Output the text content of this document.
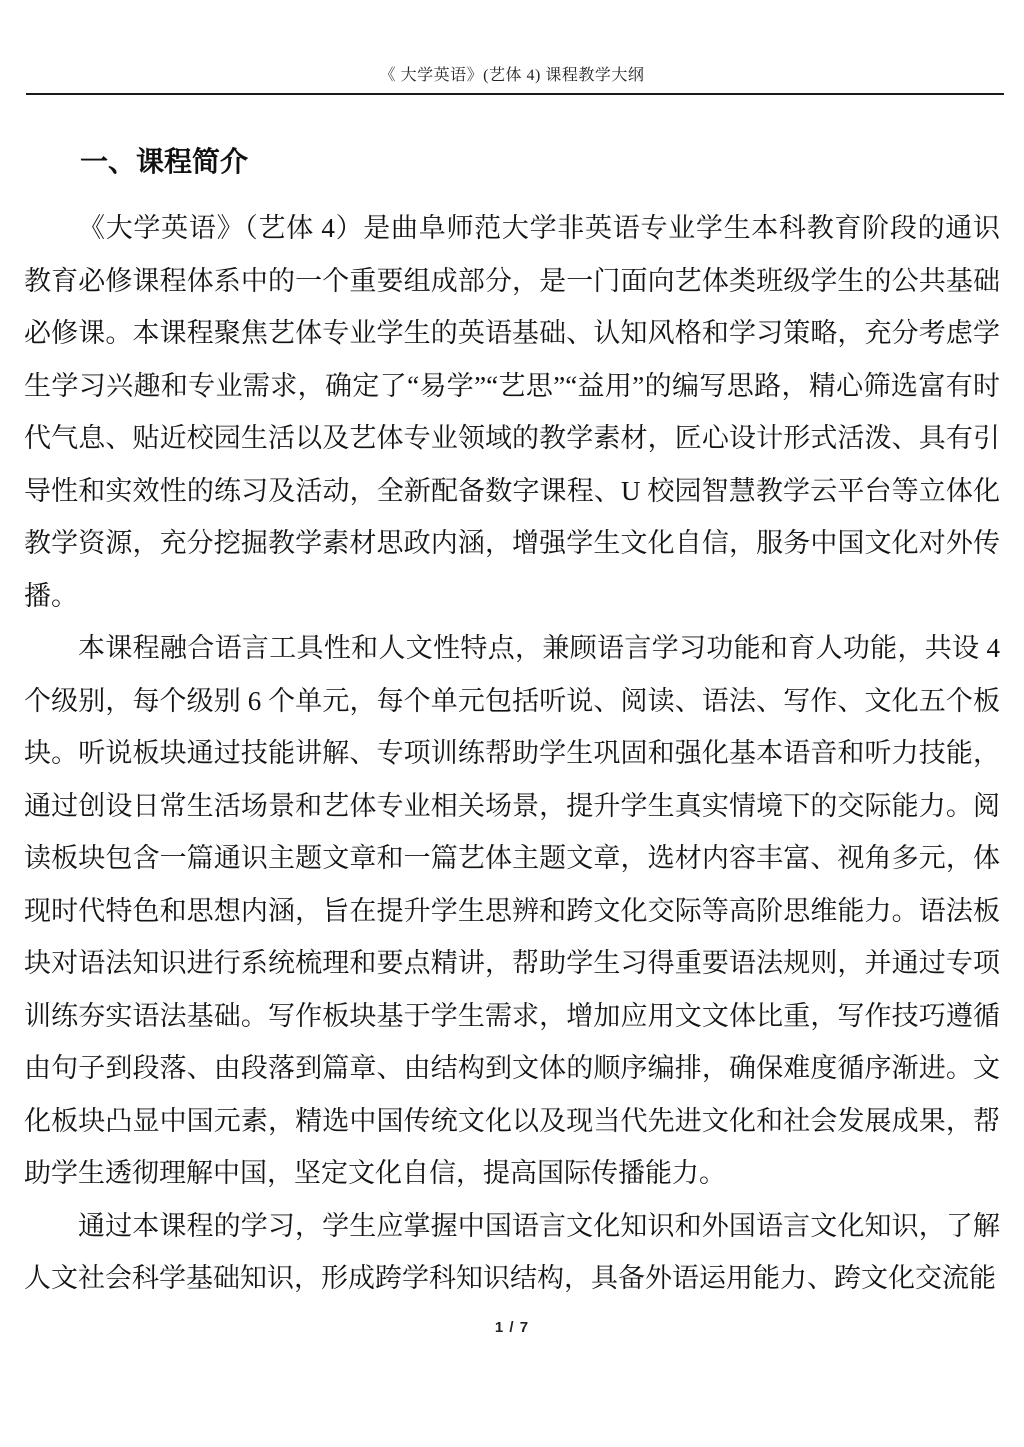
《 大学英语》(艺体 4) 课程教学大纲
一、课程简介

《大学英语》（艺体 4）是曲阜师范大学非英语专业学生本科教育阶段的通识教育必修课程体系中的一个重要组成部分，是一门面向艺体类班级学生的公共基础必修课。本课程聚焦艺体专业学生的英语基础、认知风格和学习策略，充分考虑学生学习兴趣和专业需求，确定了“易学”“艺思”“益用”的编写思路，精心筛选富有时代气息、贴近校园生活以及艺体专业领域的教学素材，匠心设计形式活泼、具有引导性和实效性的练习及活动，全新配备数字课程、U 校园智慧教学云平台等立体化教学资源，充分挖掘教学素材思政内涵，增强学生文化自信，服务中国文化对外传播。

本课程融合语言工具性和人文性特点，兼顾语言学习功能和育人功能，共设 4 个级别，每个级别 6 个单元，每个单元包括听说、阅读、语法、写作、文化五个板块。听说板块通过技能讲解、专项训练帮助学生巩固和强化基本语音和听力技能，通过创设日常生活场景和艺体专业相关场景，提升学生真实情境下的交际能力。阅读板块包含一篇通识主题文章和一篇艺体主题文章，选材内容丰富、视角多元，体现时代特色和思想内涵，旨在提升学生思辨和跨文化交际等高阶思维能力。语法板块对语法知识进行系统梳理和要点精讲，帮助学生习得重要语法规则，并通过专项训练夯实语法基础。写作板块基于学生需求，增加应用文文体比重，写作技巧遵循由句子到段落、由段落到篇章、由结构到文体的顺序编排，确保难度循序渐进。文化板块凸显中国元素，精选中国传统文化以及现当代先进文化和社会发展成果，帮助学生透彻理解中国，坚定文化自信，提高国际传播能力。

通过本课程的学习，学生应掌握中国语言文化知识和外国语言文化知识，了解人文社会科学基础知识，形成跨学科知识结构，具备外语运用能力、跨文化交流能

1 / 7
